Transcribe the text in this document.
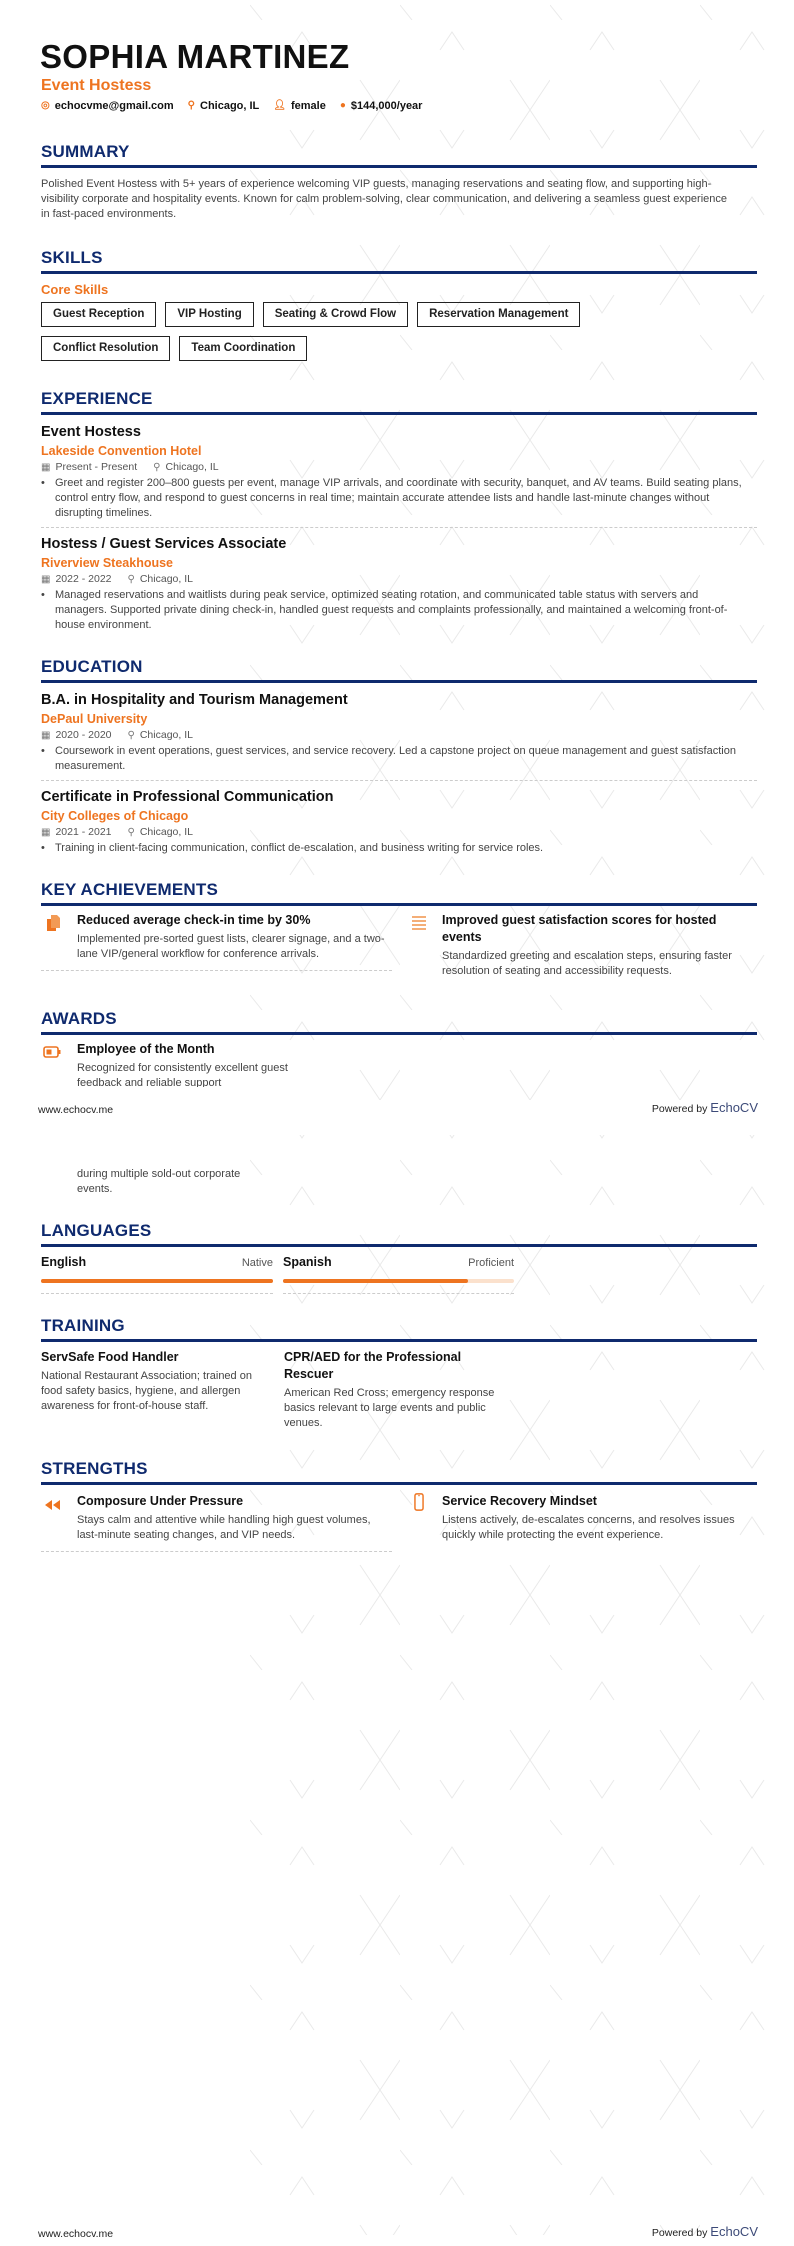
SOPHIA MARTINEZ
Event Hostess
◎ echocvme@gmail.com ⚲ Chicago, IL 👤︎ female ● $144,000/year
SUMMARY

Polished Event Hostess with 5+ years of experience welcoming VIP guests, managing reservations and seating flow, and supporting high-visibility corporate and hospitality events. Known for calm problem-solving, clear communication, and delivering a seamless guest experience in fast-paced environments.

SKILLS
Core Skills
Guest Reception	VIP Hosting	Seating & Crowd Flow	Reservation Management
Conflict Resolution	Team Coordination
EXPERIENCE
Event Hostess
Lakeside Convention Hotel
▦ Present - Present ⚲ Chicago, IL
• Greet and register 200–800 guests per event, manage VIP arrivals, and coordinate with security, banquet, and AV teams. Build seating plans, control entry flow, and respond to guest concerns in real time; maintain accurate attendee lists and handle last-minute changes without disrupting timelines.
Hostess / Guest Services Associate
Riverview Steakhouse
▦ 2022 - 2022 ⚲ Chicago, IL
• Managed reservations and waitlists during peak service, optimized seating rotation, and communicated table status with servers and managers. Supported private dining check-in, handled guest requests and complaints professionally, and maintained a welcoming front-of-house environment.
EDUCATION
B.A. in Hospitality and Tourism Management
DePaul University
▦ 2020 - 2020 ⚲ Chicago, IL
• Coursework in event operations, guest services, and service recovery. Led a capstone project on queue management and guest satisfaction measurement.
Certificate in Professional Communication
City Colleges of Chicago
▦ 2021 - 2021 ⚲ Chicago, IL
• Training in client-facing communication, conflict de-escalation, and business writing for service roles.
KEY ACHIEVEMENTS
Reduced average check-in time by 30%
Implemented pre-sorted guest lists, clearer signage, and a two-lane VIP/general workflow for conference arrivals.
Improved guest satisfaction scores for hosted events
Standardized greeting and escalation steps, ensuring faster resolution of seating and accessibility requests.
AWARDS
Employee of the Month
Recognized for consistently excellent guest feedback and reliable support
www.echocv.me	Powered by EchoCV
during multiple sold-out corporate events.
LANGUAGES
English	Native Spanish	Proficient
TRAINING
ServSafe Food Handler
National Restaurant Association; trained on food safety basics, hygiene, and allergen awareness for front-of-house staff.
CPR/AED for the Professional Rescuer
American Red Cross; emergency response basics relevant to large events and public venues.
STRENGTHS
Composure Under Pressure
Stays calm and attentive while handling high guest volumes, last-minute seating changes, and VIP needs.
Service Recovery Mindset
Listens actively, de-escalates concerns, and resolves issues quickly while protecting the event experience.
www.echocv.me	Powered by EchoCV
